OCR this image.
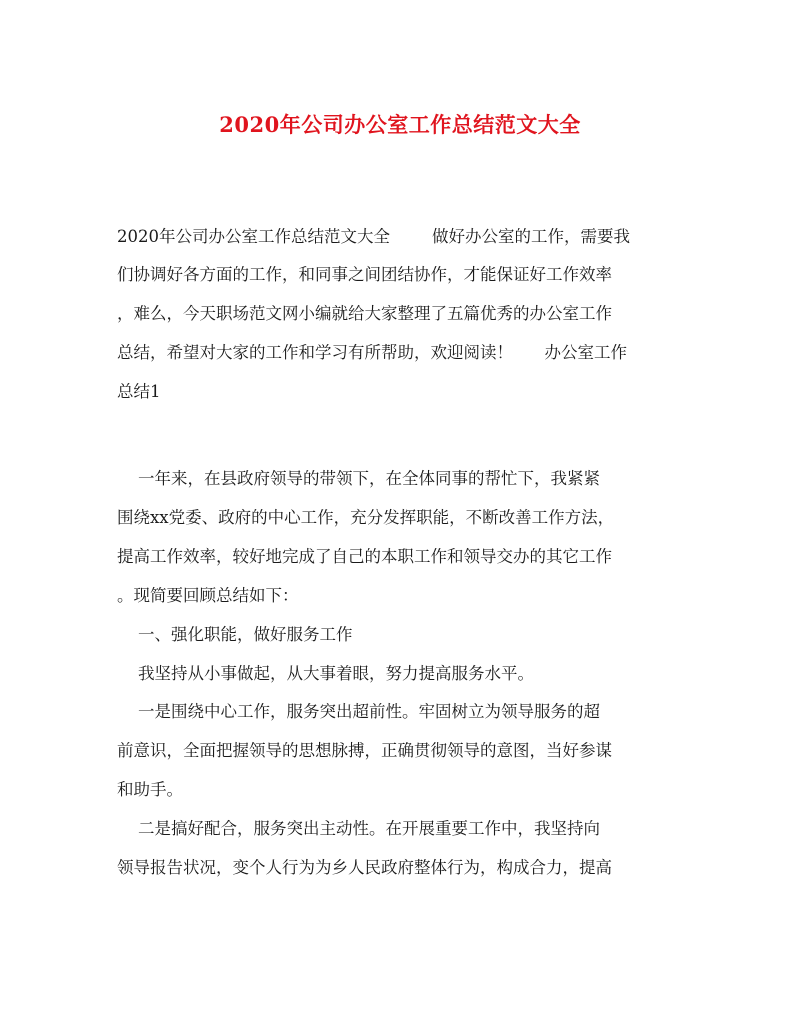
2020年公司办公室工作总结范文大全
2020年公司办公室工作总结范文大全        做好办公室的工作，需要我
们协调好各方面的工作，和同事之间团结协作，才能保证好工作效率
，难么，今天职场范文网小编就给大家整理了五篇优秀的办公室工作
总结，希望对大家的工作和学习有所帮助，欢迎阅读！      办公室工作
总结1
一年来，在县政府领导的带领下，在全体同事的帮忙下，我紧紧
围绕xx党委、政府的中心工作，充分发挥职能，不断改善工作方法，
提高工作效率，较好地完成了自己的本职工作和领导交办的其它工作
。现简要回顾总结如下：
一、强化职能，做好服务工作
我坚持从小事做起，从大事着眼，努力提高服务水平。
一是围绕中心工作，服务突出超前性。牢固树立为领导服务的超
前意识，全面把握领导的思想脉搏，正确贯彻领导的意图，当好参谋
和助手。
二是搞好配合，服务突出主动性。在开展重要工作中，我坚持向
领导报告状况，变个人行为为乡人民政府整体行为，构成合力，提高
